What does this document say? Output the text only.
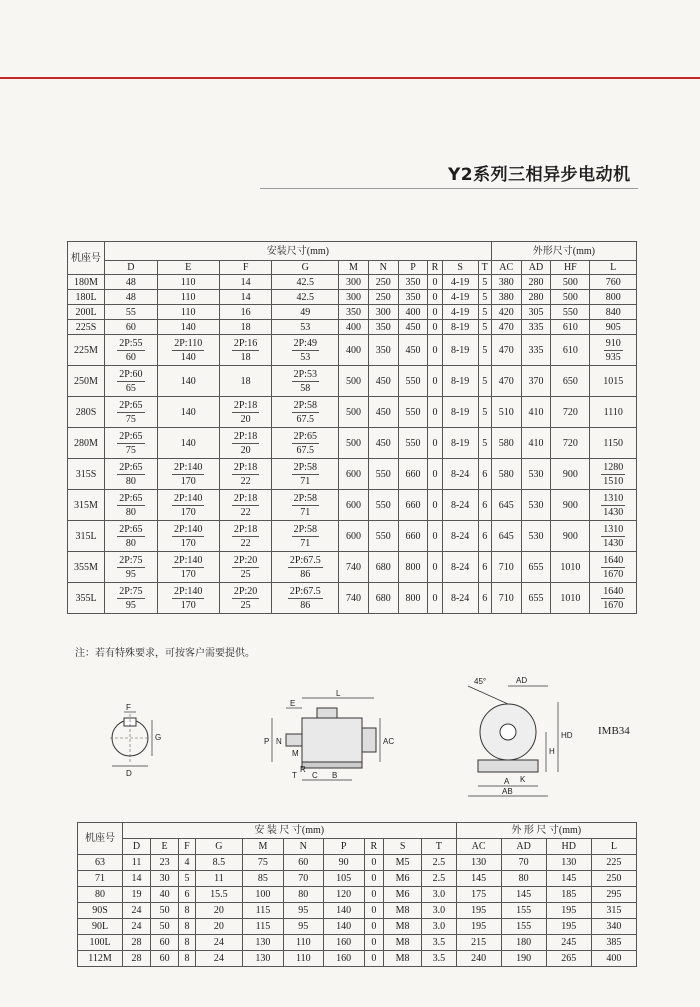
Y2系列三相异步电动机
机座号	安装尺寸(mm)										外形尺寸(mm)			
	D	E	F	G	M	N	P	R	S	T	AC	AD	HF	L
180M	48	110	14	42.5	300	250	350	0	4-19	5	380	280	500	760
180L	48	110	14	42.5	300	250	350	0	4-19	5	380	280	500	800
200L	55	110	16	49	350	300	400	0	4-19	5	420	305	550	840
225S	60	140	18	53	400	350	450	0	8-19	5	470	335	610	905
225M	$\frac{2P:55}{60}$	$\frac{2P:110}{140}$	$\frac{2P:16}{18}$	$\frac{2P:49}{53}$	400	350	450	0	8-19	5	470	335	610	$\frac{910}{935}$

250M	$\frac{2P:60}{65}$	140	18	$\frac{2P:53}{58}$	500	450	550	0	8-19	5	470	370	650	1015
280S	$\frac{2P:65}{75}$	140	$\frac{2P:18}{20}$	$\frac{2P:58}{67.5}$	500	450	550	0	8-19	5	510	410	720	1110
280M	$\frac{2P:65}{75}$	140	$\frac{2P:18}{20}$	$\frac{2P:65}{67.5}$	500	450	550	0	8-19	5	580	410	720	1150
315S	$\frac{2P:65}{80}$	$\frac{2P:140}{170}$	$\frac{2P:18}{22}$	$\frac{2P:58}{71}$	600	550	660	0	8-24	6	580	530	900	$\frac{1280}{1510}$

315M	$\frac{2P:65}{80}$	$\frac{2P:140}{170}$	$\frac{2P:18}{22}$	$\frac{2P:58}{71}$	600	550	660	0	8-24	6	645	530	900	$\frac{1310}{1430}$

315L	$\frac{2P:65}{80}$	$\frac{2P:140}{170}$	$\frac{2P:18}{22}$	$\frac{2P:58}{71}$	600	550	660	0	8-24	6	645	530	900	$\frac{1310}{1430}$

355M	$\frac{2P:75}{95}$	$\frac{2P:140}{170}$	$\frac{2P:20}{25}$	$\frac{2P:67.5}{86}$	740	680	800	0	8-24	6	710	655	1010	$\frac{1640}{1670}$

355L	$\frac{2P:75}{95}$	$\frac{2P:140}{170}$	$\frac{2P:20}{25}$	$\frac{2P:67.5}{86}$	740	680	800	0	8-24	6	710	655	1010	$\frac{1640}{1670}$
注：若有特殊要求，可按客户需要提供。
F
G
D
L
E
AC
P N
M
T
R
C B
45°	AD
HD
H
K
A
AB
IMB34
机座号	安 装 尺 寸(mm)										外 形 尺 寸(mm)			
	D	E	F	G	M	N	P	R	S	T	AC	AD	HD	L
63	11	23	4	8.5	75	60	90	0	M5	2.5	130	70	130	225
71	14	30	5	11	85	70	105	0	M6	2.5	145	80	145	250
80	19	40	6	15.5	100	80	120	0	M6	3.0	175	145	185	295
90S	24	50	8	20	115	95	140	0	M8	3.0	195	155	195	315
90L	24	50	8	20	115	95	140	0	M8	3.0	195	155	195	340
100L	28	60	8	24	130	110	160	0	M8	3.5	215	180	245	385
112M	28	60	8	24	130	110	160	0	M8	3.5	240	190	265	400
